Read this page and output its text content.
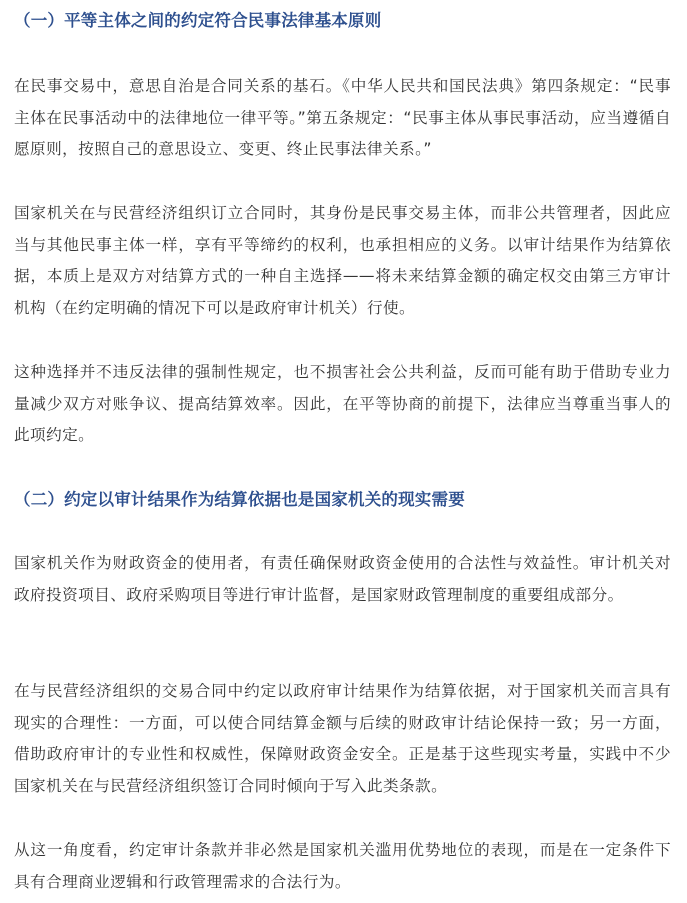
（一）平等主体之间的约定符合民事法律基本原则

在民事交易中，意思自治是合同关系的基石。《中华人民共和国民法典》第四条规定：“民事主体在民事活动中的法律地位一律平等。”第五条规定：“民事主体从事民事活动，应当遵循自愿原则，按照自己的意思设立、变更、终止民事法律关系。”

国家机关在与民营经济组织订立合同时，其身份是民事交易主体，而非公共管理者，因此应当与其他民事主体一样，享有平等缔约的权利，也承担相应的义务。以审计结果作为结算依据，本质上是双方对结算方式的一种自主选择——将未来结算金额的确定权交由第三方审计机构（在约定明确的情况下可以是政府审计机关）行使。

这种选择并不违反法律的强制性规定，也不损害社会公共利益，反而可能有助于借助专业力量减少双方对账争议、提高结算效率。因此，在平等协商的前提下，法律应当尊重当事人的此项约定。

（二）约定以审计结果作为结算依据也是国家机关的现实需要

国家机关作为财政资金的使用者，有责任确保财政资金使用的合法性与效益性。审计机关对政府投资项目、政府采购项目等进行审计监督，是国家财政管理制度的重要组成部分。

在与民营经济组织的交易合同中约定以政府审计结果作为结算依据，对于国家机关而言具有现实的合理性：一方面，可以使合同结算金额与后续的财政审计结论保持一致；另一方面，借助政府审计的专业性和权威性，保障财政资金安全。正是基于这些现实考量，实践中不少国家机关在与民营经济组织签订合同时倾向于写入此类条款。

从这一角度看，约定审计条款并非必然是国家机关滥用优势地位的表现，而是在一定条件下具有合理商业逻辑和行政管理需求的合法行为。
